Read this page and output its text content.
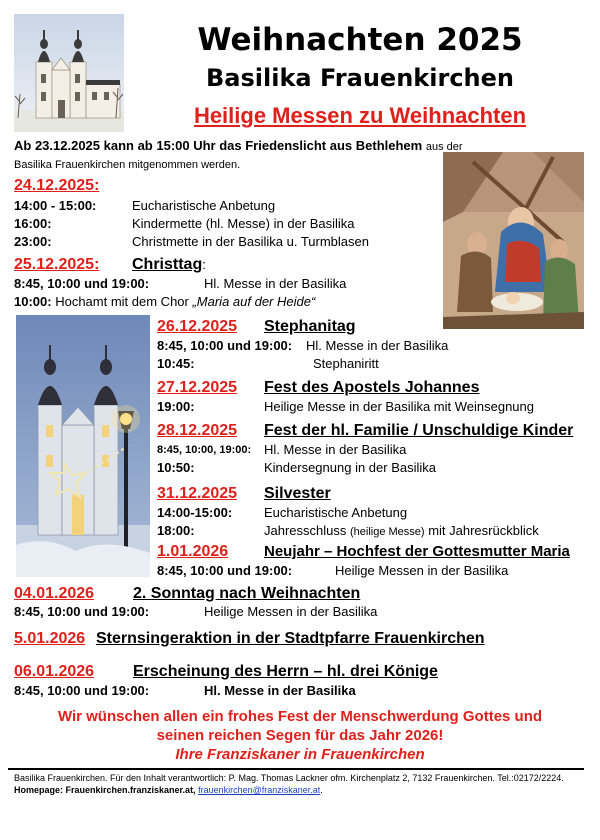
Weihnachten 2025
Basilika Frauenkirchen
Heilige Messen zu Weihnachten
Ab 23.12.2025 kann ab 15:00 Uhr das Friedenslicht aus Bethlehem aus der
Basilika Frauenkirchen mitgenommen werden.
24.12.2025:
14:00 - 15:00:	Eucharistische Anbetung
16:00:	Kindermette (hl. Messe) in der Basilika
23:00:	Christmette in der Basilika u. Turmblasen
25.12.2025: Christtag:
8:45, 10:00 und 19:00:	Hl. Messe in der Basilika
10:00: Hochamt mit dem Chor „Maria auf der Heide“
26.12.2025 Stephanitag
8:45, 10:00 und 19:00: Hl. Messe in der Basilika
10:45:	Stephaniritt
27.12.2025 Fest des Apostels Johannes
19:00:	Heilige Messe in der Basilika mit Weinsegnung
28.12.2025 Fest der hl. Familie / Unschuldige Kinder
8:45, 10:00, 19:00: Hl. Messe in der Basilika
10:50:	Kindersegnung in der Basilika
31.12.2025 Silvester
14:00-15:00: Eucharistische Anbetung
18:00:	Jahresschluss (heilige Messe) mit Jahresrückblick
1.01.2026 Neujahr – Hochfest der Gottesmutter Maria
8:45, 10:00 und 19:00:	Heilige Messen in der Basilika
04.01.2026 2. Sonntag nach Weihnachten
8:45, 10:00 und 19:00:	Heilige Messen in der Basilika
5.01.2026 Sternsingeraktion in der Stadtpfarre Frauenkirchen
06.01.2026 Erscheinung des Herrn – hl. drei Könige
8:45, 10:00 und 19:00:	Hl. Messe in der Basilika
Wir wünschen allen ein frohes Fest der Menschwerdung Gottes und
seinen reichen Segen für das Jahr 2026!
Ihre Franziskaner in Frauenkirchen
Basilika Frauenkirchen. Für den Inhalt verantwortlich: P. Mag. Thomas Lackner ofm. Kirchenplatz 2, 7132 Frauenkirchen. Tel.:02172/2224.
Homepage: Frauenkirchen.franziskaner.at, frauenkirchen@franziskaner.at.
